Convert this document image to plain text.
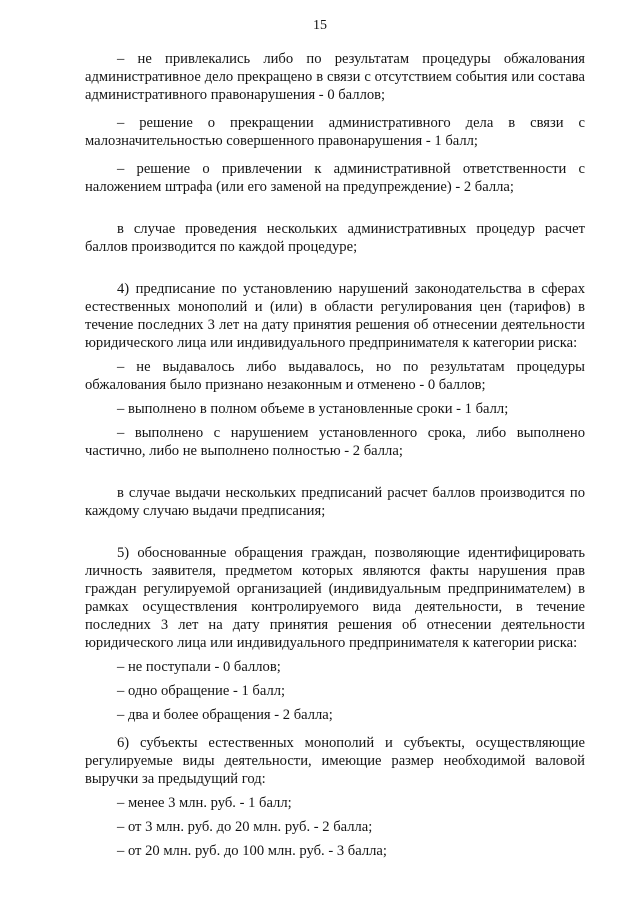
15

– не привлекались либо по результатам процедуры обжалования административное дело прекращено в связи с отсутствием события или состава административного правонарушения - 0 баллов;

– решение о прекращении административного дела в связи с малозначительностью совершенного правонарушения - 1 балл;

– решение о привлечении к административной ответственности с наложением штрафа (или его заменой на предупреждение) - 2 балла;

в случае проведения нескольких административных процедур расчет баллов производится по каждой процедуре;

4) предписание по установлению нарушений законодательства в сферах естественных монополий и (или) в области регулирования цен (тарифов) в течение последних 3 лет на дату принятия решения об отнесении деятельности юридического лица или индивидуального предпринимателя к категории риска:

– не выдавалось либо выдавалось, но по результатам процедуры обжалования было признано незаконным и отменено - 0 баллов;

– выполнено в полном объеме в установленные сроки - 1 балл;

– выполнено с нарушением установленного срока, либо выполнено частично, либо не выполнено полностью - 2 балла;

в случае выдачи нескольких предписаний расчет баллов производится по каждому случаю выдачи предписания;

5) обоснованные обращения граждан, позволяющие идентифицировать личность заявителя, предметом которых являются факты нарушения прав граждан регулируемой организацией (индивидуальным предпринимателем) в рамках осуществления контролируемого вида деятельности, в течение последних 3 лет на дату принятия решения об отнесении деятельности юридического лица или индивидуального предпринимателя к категории риска:

– не поступали - 0 баллов;

– одно обращение - 1 балл;

– два и более обращения - 2 балла;

6) субъекты естественных монополий и субъекты, осуществляющие регулируемые виды деятельности, имеющие размер необходимой валовой выручки за предыдущий год:

– менее 3 млн. руб. - 1 балл;

– от 3 млн. руб. до 20 млн. руб. - 2 балла;

– от 20 млн. руб. до 100 млн. руб. - 3 балла;
